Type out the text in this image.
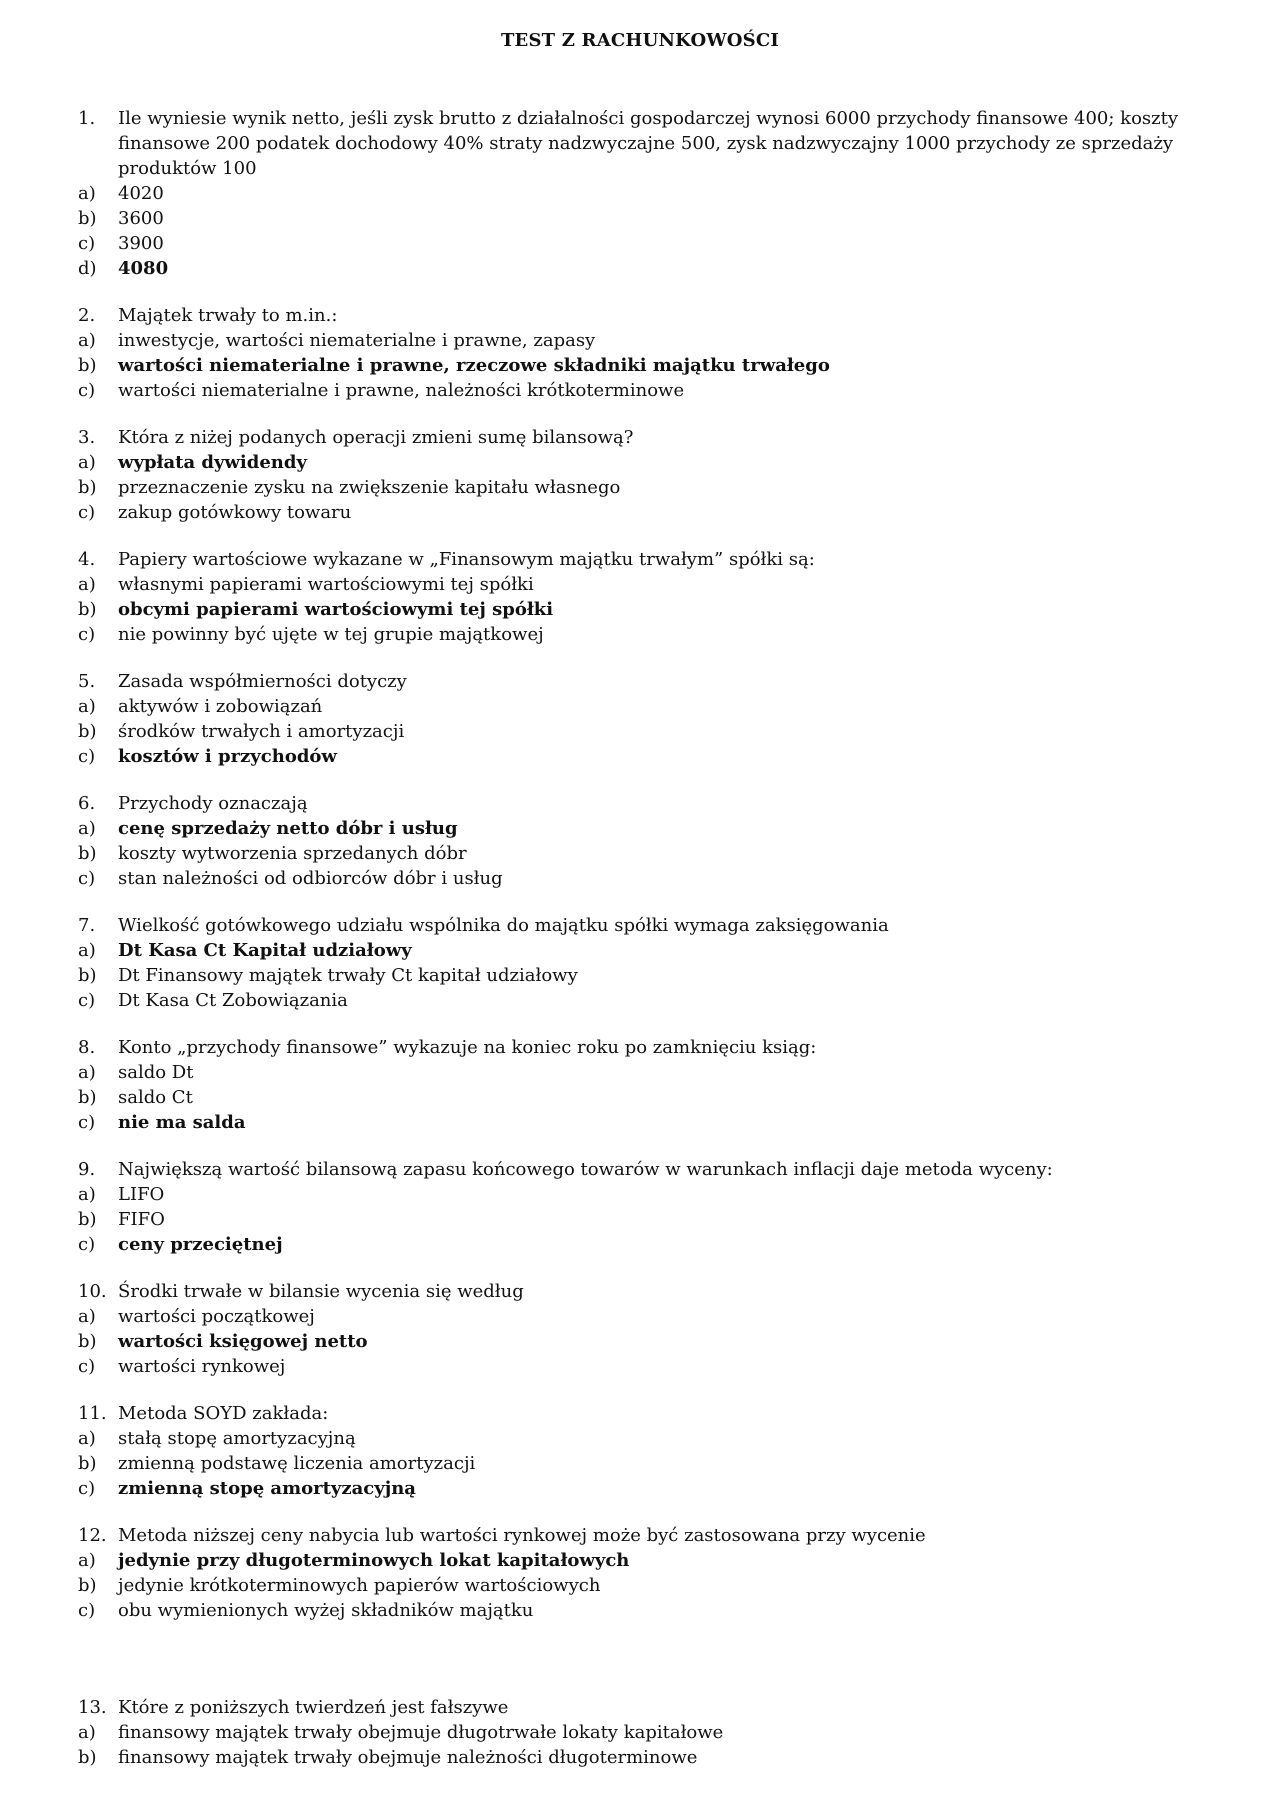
TEST Z RACHUNKOWOŚCI
1.	Ile wyniesie wynik netto, jeśli zysk brutto z działalności gospodarczej wynosi 6000 przychody finansowe 400; koszty finansowe 200 podatek dochodowy 40% straty nadzwyczajne 500, zysk nadzwyczajny 1000 przychody ze sprzedaży produktów 100
a)	4020
b)	3600
c)	3900
d)	4080
2.	Majątek trwały to m.in.:
a)	inwestycje, wartości niematerialne i prawne, zapasy
b)	wartości niematerialne i prawne, rzeczowe składniki majątku trwałego
c)	wartości niematerialne i prawne, należności krótkoterminowe
3.	Która z niżej podanych operacji zmieni sumę bilansową?
a)	wypłata dywidendy
b)	przeznaczenie zysku na zwiększenie kapitału własnego
c)	zakup gotówkowy towaru
4.	Papiery wartościowe wykazane w „Finansowym majątku trwałym” spółki są:
a)	własnymi papierami wartościowymi tej spółki
b)	obcymi papierami wartościowymi tej spółki
c)	nie powinny być ujęte w tej grupie majątkowej
5.	Zasada współmierności dotyczy
a)	aktywów i zobowiązań
b)	środków trwałych i amortyzacji
c)	kosztów i przychodów
6.	Przychody oznaczają
a)	cenę sprzedaży netto dóbr i usług
b)	koszty wytworzenia sprzedanych dóbr
c)	stan należności od odbiorców dóbr i usług
7.	Wielkość gotówkowego udziału wspólnika do majątku spółki wymaga zaksięgowania
a)	Dt Kasa Ct Kapitał udziałowy
b)	Dt Finansowy majątek trwały Ct kapitał udziałowy
c)	Dt Kasa Ct Zobowiązania
8.	Konto „przychody finansowe” wykazuje na koniec roku po zamknięciu ksiąg:
a)	saldo Dt
b)	saldo Ct
c)	nie ma salda
9.	Największą wartość bilansową zapasu końcowego towarów w warunkach inflacji daje metoda wyceny:
a)	LIFO
b)	FIFO
c)	ceny przeciętnej
10. Środki trwałe w bilansie wycenia się według
a)	wartości początkowej
b)	wartości księgowej netto
c)	wartości rynkowej
11. Metoda SOYD zakłada:
a)	stałą stopę amortyzacyjną
b)	zmienną podstawę liczenia amortyzacji
c)	zmienną stopę amortyzacyjną
12. Metoda niższej ceny nabycia lub wartości rynkowej może być zastosowana przy wycenie
a)	jedynie przy długoterminowych lokat kapitałowych
b)	jedynie krótkoterminowych papierów wartościowych
c)	obu wymienionych wyżej składników majątku
13. Które z poniższych twierdzeń jest fałszywe
a)	finansowy majątek trwały obejmuje długotrwałe lokaty kapitałowe
b)	finansowy majątek trwały obejmuje należności długoterminowe
